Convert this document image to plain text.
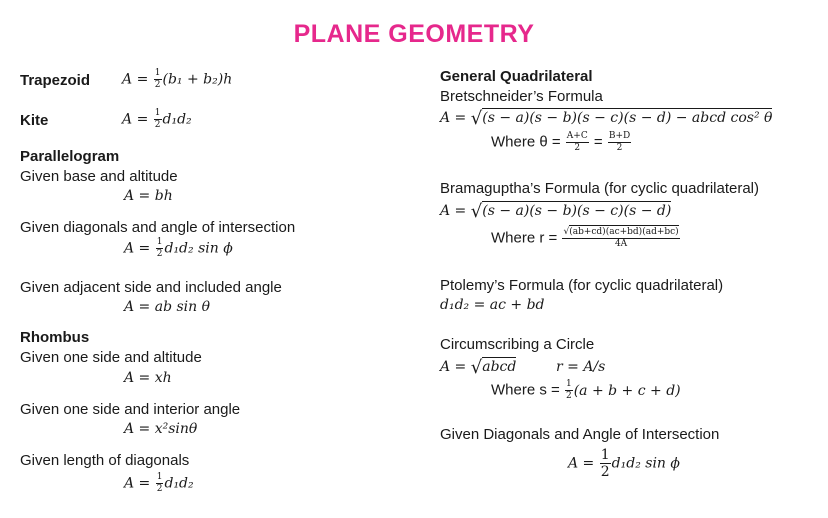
PLANE GEOMETRY
Trapezoid $A = \frac{1}{2} (b_1 + b_2)h$
Kite	$A = \frac{1}{2} d_1d_2$
Parallelogram
Given base and altitude
A = bh
Given diagonals and angle of intersection
$A = \frac{1}{2} d_1d_2$ sin ϕ
Given adjacent side and included angle
A = ab sin θ
Rhombus
Given one side and altitude
A = xh
Given one side and interior angle
A = x²sinθ
Given length of diagonals
$A = \frac{1}{2} d_1d_2$
General Quadrilateral
Bretschneider’s Formula
A = √(s − a)(s − b)(s − c)(s − d) − abcd cos² θ
Where $\theta = \frac{A+C}{2} = \frac{B+D}{2}$
Bramaguptha’s Formula (for cyclic quadrilateral)
A = √(s − a)(s − b)(s − c)(s − d)
Where $r = \frac{√(ab+cd)(ac+bd)(ad+bc)}{4A}$
Ptolemy’s Formula (for cyclic quadrilateral)
d₁d₂ = ac + bd
Circumscribing a Circle
A = √abcd	r = A/s
Where $s = \frac{1}{2} (a + b + c + d)$
Given Diagonals and Angle of Intersection
$A = \frac{1}{2} d_1d_2$ sin ϕ
